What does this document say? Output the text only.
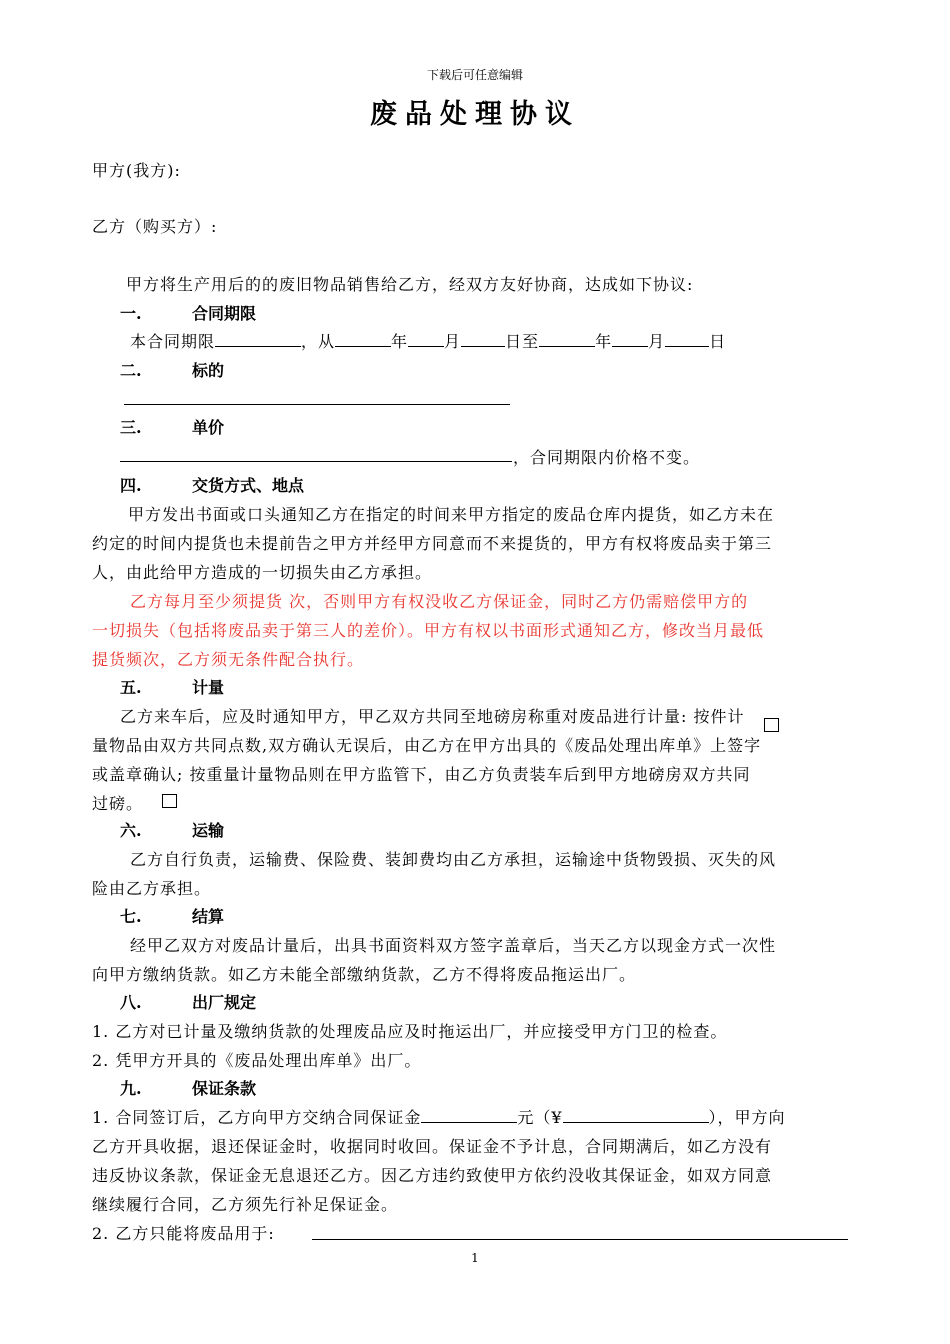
下载后可任意编辑
废品处理协议
甲方(我方):
乙方（购买方）:
甲方将生产用后的的废旧物品销售给乙方，经双方友好协商，达成如下协议:
一.	合同期限
本合同期限	，从	年 月	日至	年 月	日
二.	标的
三.	单价
，合同期限内价格不变。
四.	交货方式、地点
甲方发出书面或口头通知乙方在指定的时间来甲方指定的废品仓库内提货，如乙方未在
约定的时间内提货也未提前告之甲方并经甲方同意而不来提货的，甲方有权将废品卖于第三
人，由此给甲方造成的一切损失由乙方承担。
乙方每月至少须提货 次，否则甲方有权没收乙方保证金，同时乙方仍需赔偿甲方的
一切损失（包括将废品卖于第三人的差价）。甲方有权以书面形式通知乙方，修改当月最低
提货频次，乙方须无条件配合执行。
五.	计量
乙方来车后，应及时通知甲方，甲乙双方共同至地磅房称重对废品进行计量: 按件计
量物品由双方共同点数,双方确认无误后，由乙方在甲方出具的《废品处理出库单》上签字
或盖章确认; 按重量计量物品则在甲方监管下，由乙方负责装车后到甲方地磅房双方共同
过磅。
六.	运输
乙方自行负责，运输费、保险费、装卸费均由乙方承担，运输途中货物毁损、灭失的风
险由乙方承担。
七.	结算
经甲乙双方对废品计量后，出具书面资料双方签字盖章后，当天乙方以现金方式一次性
向甲方缴纳货款。如乙方未能全部缴纳货款，乙方不得将废品拖运出厂。
八.	出厂规定
1. 乙方对已计量及缴纳货款的处理废品应及时拖运出厂，并应接受甲方门卫的检查。
2. 凭甲方开具的《废品处理出库单》出厂。
九.	保证条款
1. 合同签订后，乙方向甲方交纳合同保证金	元（¥	），甲方向
乙方开具收据，退还保证金时，收据同时收回。保证金不予计息，合同期满后，如乙方没有
违反协议条款，保证金无息退还乙方。因乙方违约致使甲方依约没收其保证金，如双方同意
继续履行合同，乙方须先行补足保证金。
2. 乙方只能将废品用于:
1
